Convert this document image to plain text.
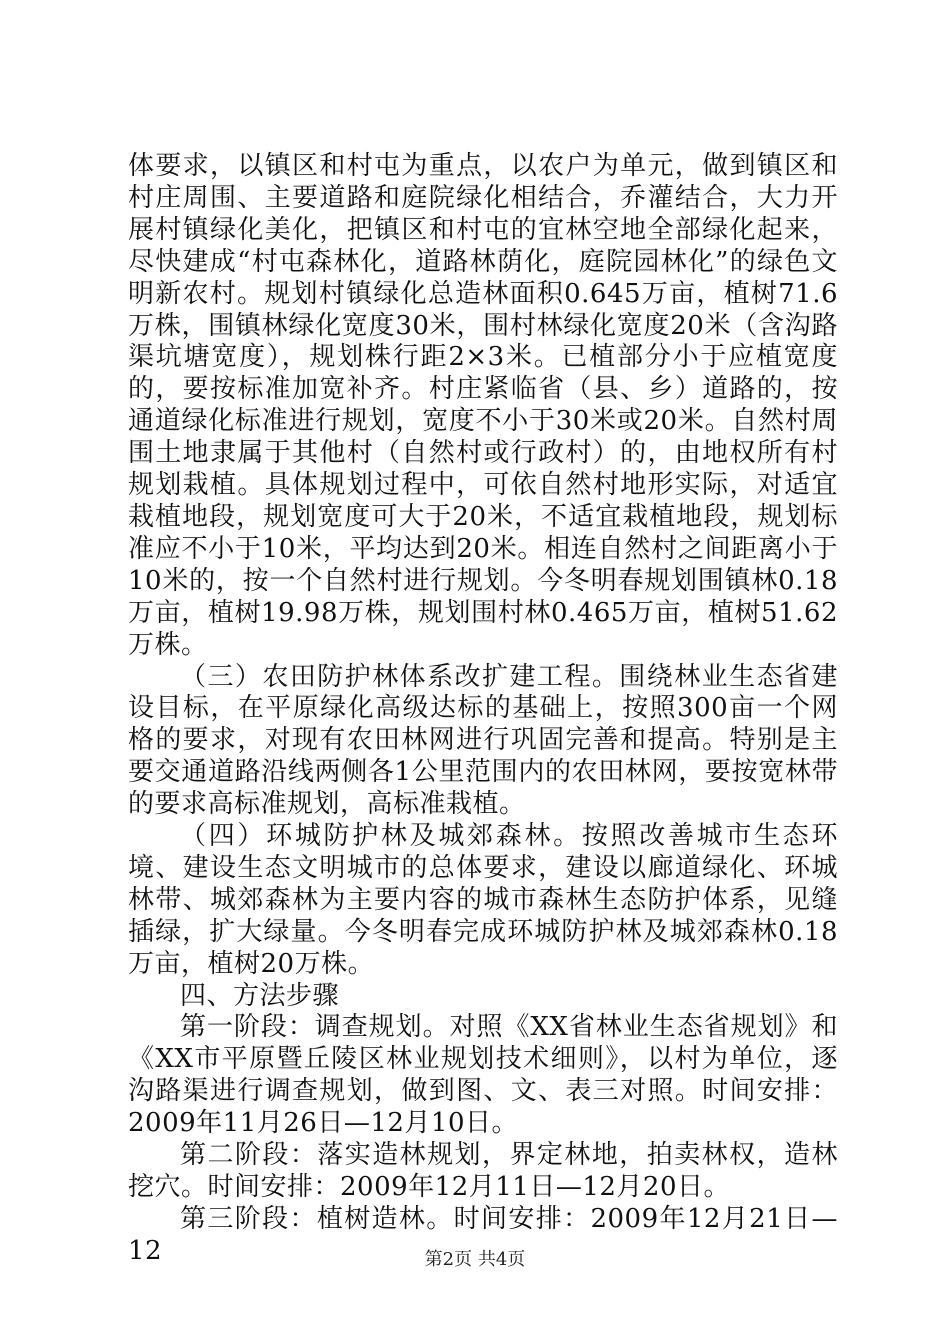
体要求，以镇区和村屯为重点，以农户为单元，做到镇区和村庄周围、主要道路和庭院绿化相结合，乔灌结合，大力开展村镇绿化美化，把镇区和村屯的宜林空地全部绿化起来，尽快建成“村屯森林化，道路林荫化，庭院园林化”的绿色文明新农村。规划村镇绿化总造林面积0.645万亩，植树71.6万株，围镇林绿化宽度30米，围村林绿化宽度20米（含沟路渠坑塘宽度），规划株行距2×3米。已植部分小于应植宽度的，要按标准加宽补齐。村庄紧临省（县、乡）道路的，按通道绿化标准进行规划，宽度不小于30米或20米。自然村周围土地隶属于其他村（自然村或行政村）的，由地权所有村规划栽植。具体规划过程中，可依自然村地形实际，对适宜栽植地段，规划宽度可大于20米，不适宜栽植地段，规划标准应不小于10米，平均达到20米。相连自然村之间距离小于10米的，按一个自然村进行规划。今冬明春规划围镇林0.18万亩，植树19.98万株，规划围村林0.465万亩，植树51.62万株。

（三）农田防护林体系改扩建工程。围绕林业生态省建设目标，在平原绿化高级达标的基础上，按照300亩一个网格的要求，对现有农田林网进行巩固完善和提高。特别是主要交通道路沿线两侧各1公里范围内的农田林网，要按宽林带的要求高标准规划，高标准栽植。

（四）环城防护林及城郊森林。按照改善城市生态环境、建设生态文明城市的总体要求，建设以廊道绿化、环城林带、城郊森林为主要内容的城市森林生态防护体系，见缝插绿，扩大绿量。今冬明春完成环城防护林及城郊森林0.18万亩，植树20万株。

四、方法步骤

第一阶段：调查规划。对照《XX省林业生态省规划》和《XX市平原暨丘陵区林业规划技术细则》，以村为单位，逐沟路渠进行调查规划，做到图、文、表三对照。时间安排：2009年11月26日—12月10日。

第二阶段：落实造林规划，界定林地，拍卖林权，造林挖穴。时间安排：2009年12月11日—12月20日。

第三阶段：植树造林。时间安排：2009年12月21日—12	第2页 共4页
